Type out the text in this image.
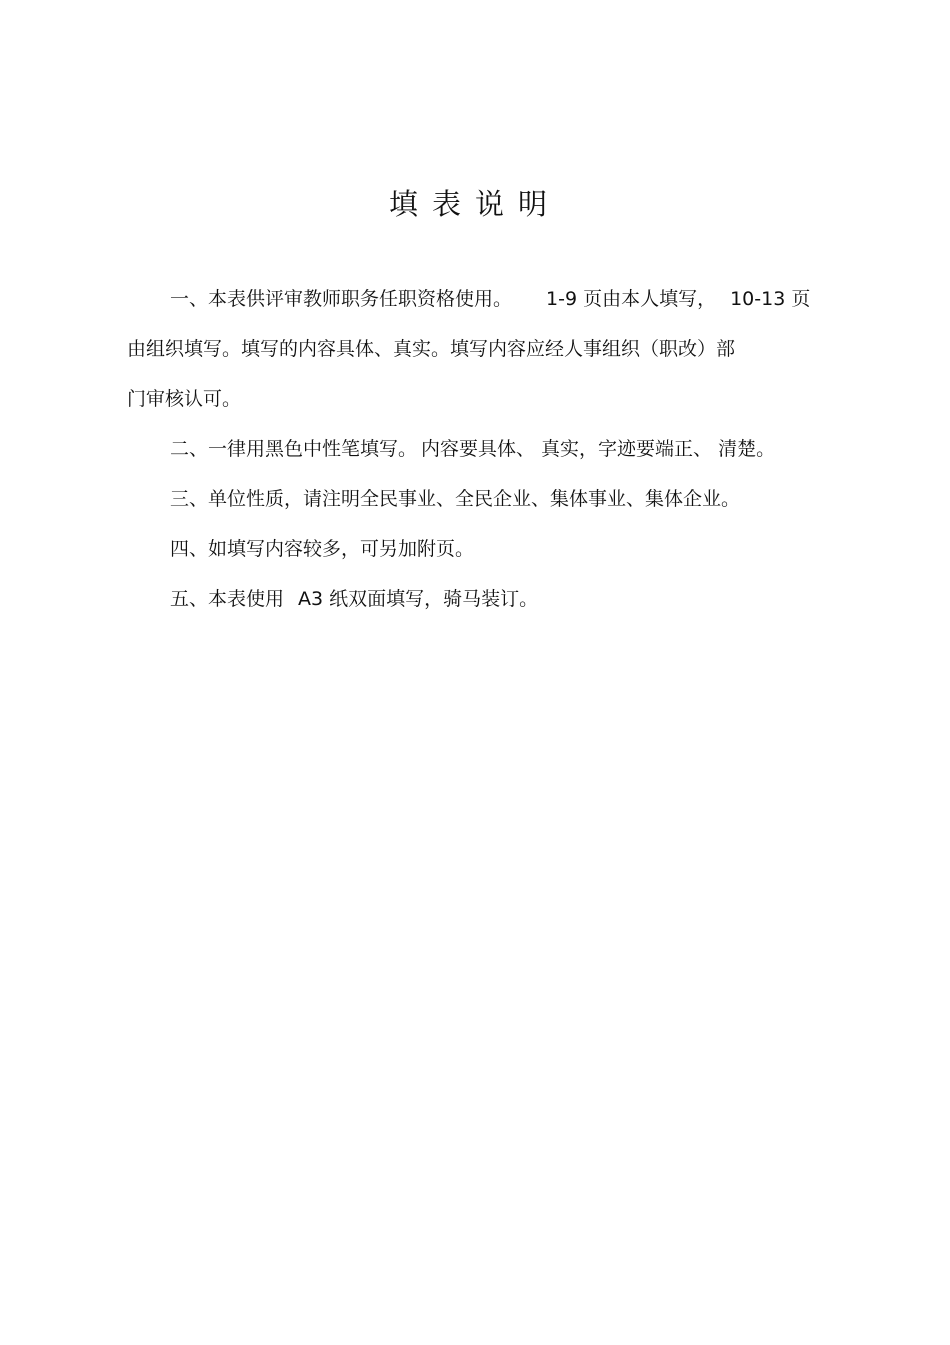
填表说明
一、本表供评审教师职务任职资格使用。 1-9 页由本人填写， 10-13 页
由组织填写。填写的内容具体、真实。填写内容应经人事组织（职改）部
门审核认可。
二、一律用黑色中性笔填写。 内容要具体、 真实，字迹要端正、 清楚。
三、单位性质，请注明全民事业、全民企业、集体事业、集体企业。
四、如填写内容较多，可另加附页。
五、本表使用 A3 纸双面填写，骑马装订。
